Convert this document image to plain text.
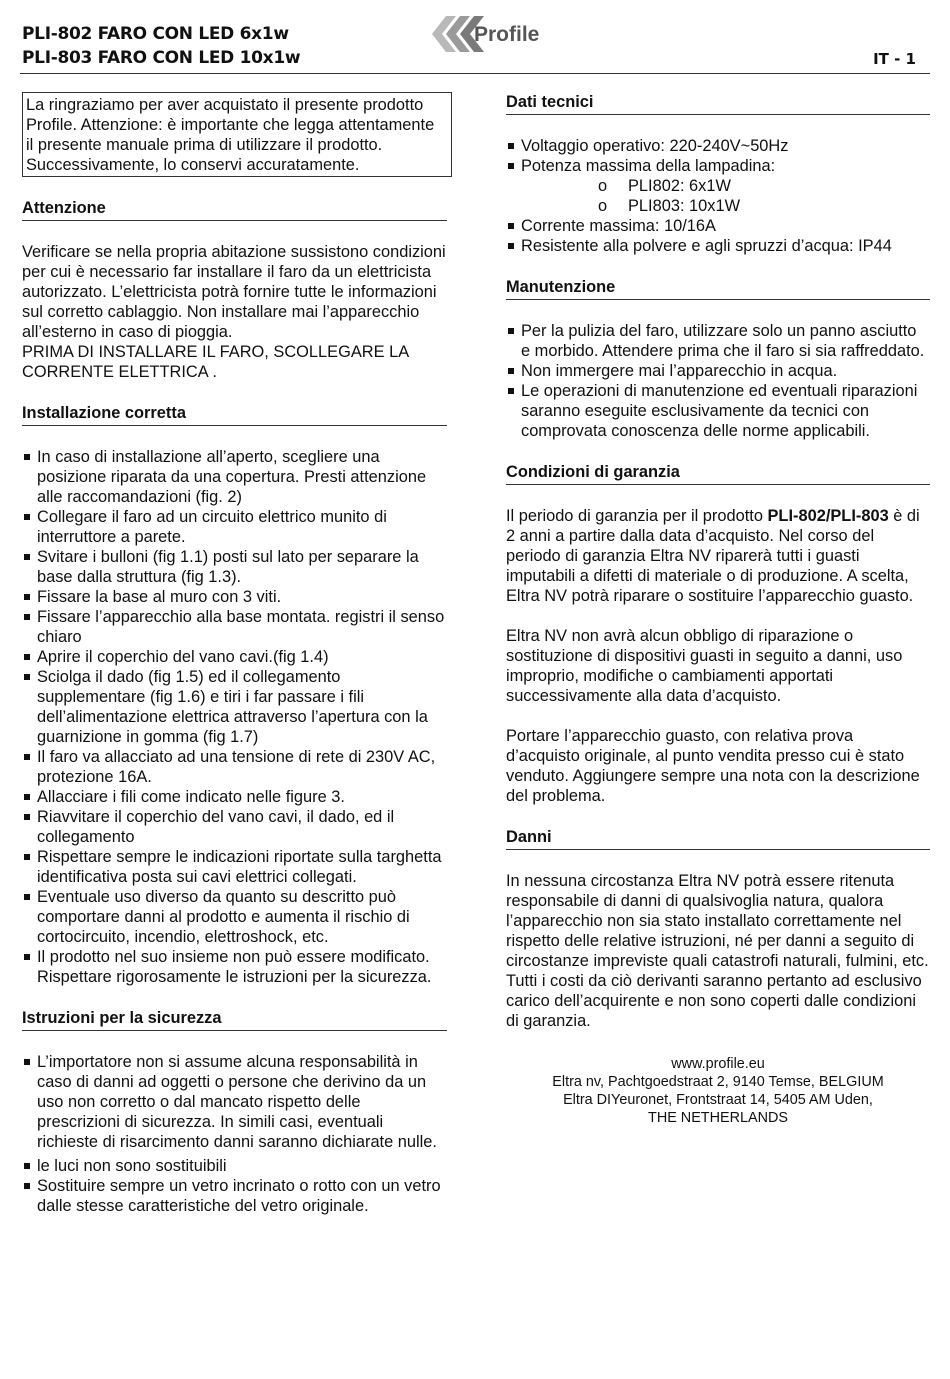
PLI-802 FARO CON LED 6x1w
PLI-803 FARO CON LED 10x1w
Profile
IT - 1

La ringraziamo per aver acquistato il presente prodotto Profile. Attenzione: è importante che legga attentamente il presente manuale prima di utilizzare il prodotto. Successivamente, lo conservi accuratamente.

Attenzione

Verificare se nella propria abitazione sussistono condizioni per cui è necessario far installare il faro da un elettricista autorizzato. L’elettricista potrà fornire tutte le informazioni sul corretto cablaggio. Non installare mai l’apparecchio all’esterno in caso di pioggia.

PRIMA DI INSTALLARE IL FARO, SCOLLEGARE LA CORRENTE ELETTRICA .

Installazione corretta
In caso di installazione all’aperto, scegliere una posizione riparata da una copertura. Presti attenzione alle raccomandazioni (fig. 2)
Collegare il faro ad un circuito elettrico munito di interruttore a parete.
Svitare i bulloni (fig 1.1) posti sul lato per separare la base dalla struttura (fig 1.3).
Fissare la base al muro con 3 viti.
Fissare l’apparecchio alla base montata. registri il senso chiaro
Aprire il coperchio del vano cavi.(fig 1.4)
Sciolga il dado (fig 1.5) ed il collegamento supplementare (fig 1.6) e tiri i far passare i fili dell’alimentazione elettrica attraverso l’apertura con la guarnizione in gomma (fig 1.7)
Il faro va allacciato ad una tensione di rete di 230V AC, protezione 16A.
Allacciare i fili come indicato nelle figure 3.
Riavvitare il coperchio del vano cavi, il dado, ed il collegamento
Rispettare sempre le indicazioni riportate sulla targhetta identificativa posta sui cavi elettrici collegati.
Eventuale uso diverso da quanto su descritto può comportare danni al prodotto e aumenta il rischio di cortocircuito, incendio, elettroshock, etc.
Il prodotto nel suo insieme non può essere modificato. Rispettare rigorosamente le istruzioni per la sicurezza.
Istruzioni per la sicurezza
L’importatore non si assume alcuna responsabilità in caso di danni ad oggetti o persone che derivino da un uso non corretto o dal mancato rispetto delle prescrizioni di sicurezza. In simili casi, eventuali richieste di risarcimento danni saranno dichiarate nulle.
le luci non sono sostituibili
Sostituire sempre un vetro incrinato o rotto con un vetro dalle stesse caratteristiche del vetro originale.
Dati tecnici
Voltaggio operativo: 220-240V~50Hz
Potenza massima della lampadina:
o PLI802: 6x1W
o PLI803: 10x1W
Corrente massima: 10/16A
Resistente alla polvere e agli spruzzi d’acqua: IP44
Manutenzione
Per la pulizia del faro, utilizzare solo un panno asciutto e morbido. Attendere prima che il faro si sia raffreddato.
Non immergere mai l’apparecchio in acqua.
Le operazioni di manutenzione ed eventuali riparazioni saranno eseguite esclusivamente da tecnici con comprovata conoscenza delle norme applicabili.
Condizioni di garanzia

Il periodo di garanzia per il prodotto PLI-802/PLI-803 è di 2 anni a partire dalla data d’acquisto. Nel corso del periodo di garanzia Eltra NV riparerà tutti i guasti imputabili a difetti di materiale o di produzione. A scelta, Eltra NV potrà riparare o sostituire l’apparecchio guasto.

Eltra NV non avrà alcun obbligo di riparazione o sostituzione di dispositivi guasti in seguito a danni, uso improprio, modifiche o cambiamenti apportati successivamente alla data d’acquisto.

Portare l’apparecchio guasto, con relativa prova d’acquisto originale, al punto vendita presso cui è stato venduto. Aggiungere sempre una nota con la descrizione del problema.

Danni

In nessuna circostanza Eltra NV potrà essere ritenuta responsabile di danni di qualsivoglia natura, qualora l’apparecchio non sia stato installato correttamente nel rispetto delle relative istruzioni, né per danni a seguito di circostanze impreviste quali catastrofi naturali, fulmini, etc. Tutti i costi da ciò derivanti saranno pertanto ad esclusivo carico dell’acquirente e non sono coperti dalle condizioni di garanzia.

www.profile.eu
Eltra nv, Pachtgoedstraat 2, 9140 Temse, BELGIUM
Eltra DIYeuronet, Frontstraat 14, 5405 AM Uden,
THE NETHERLANDS
